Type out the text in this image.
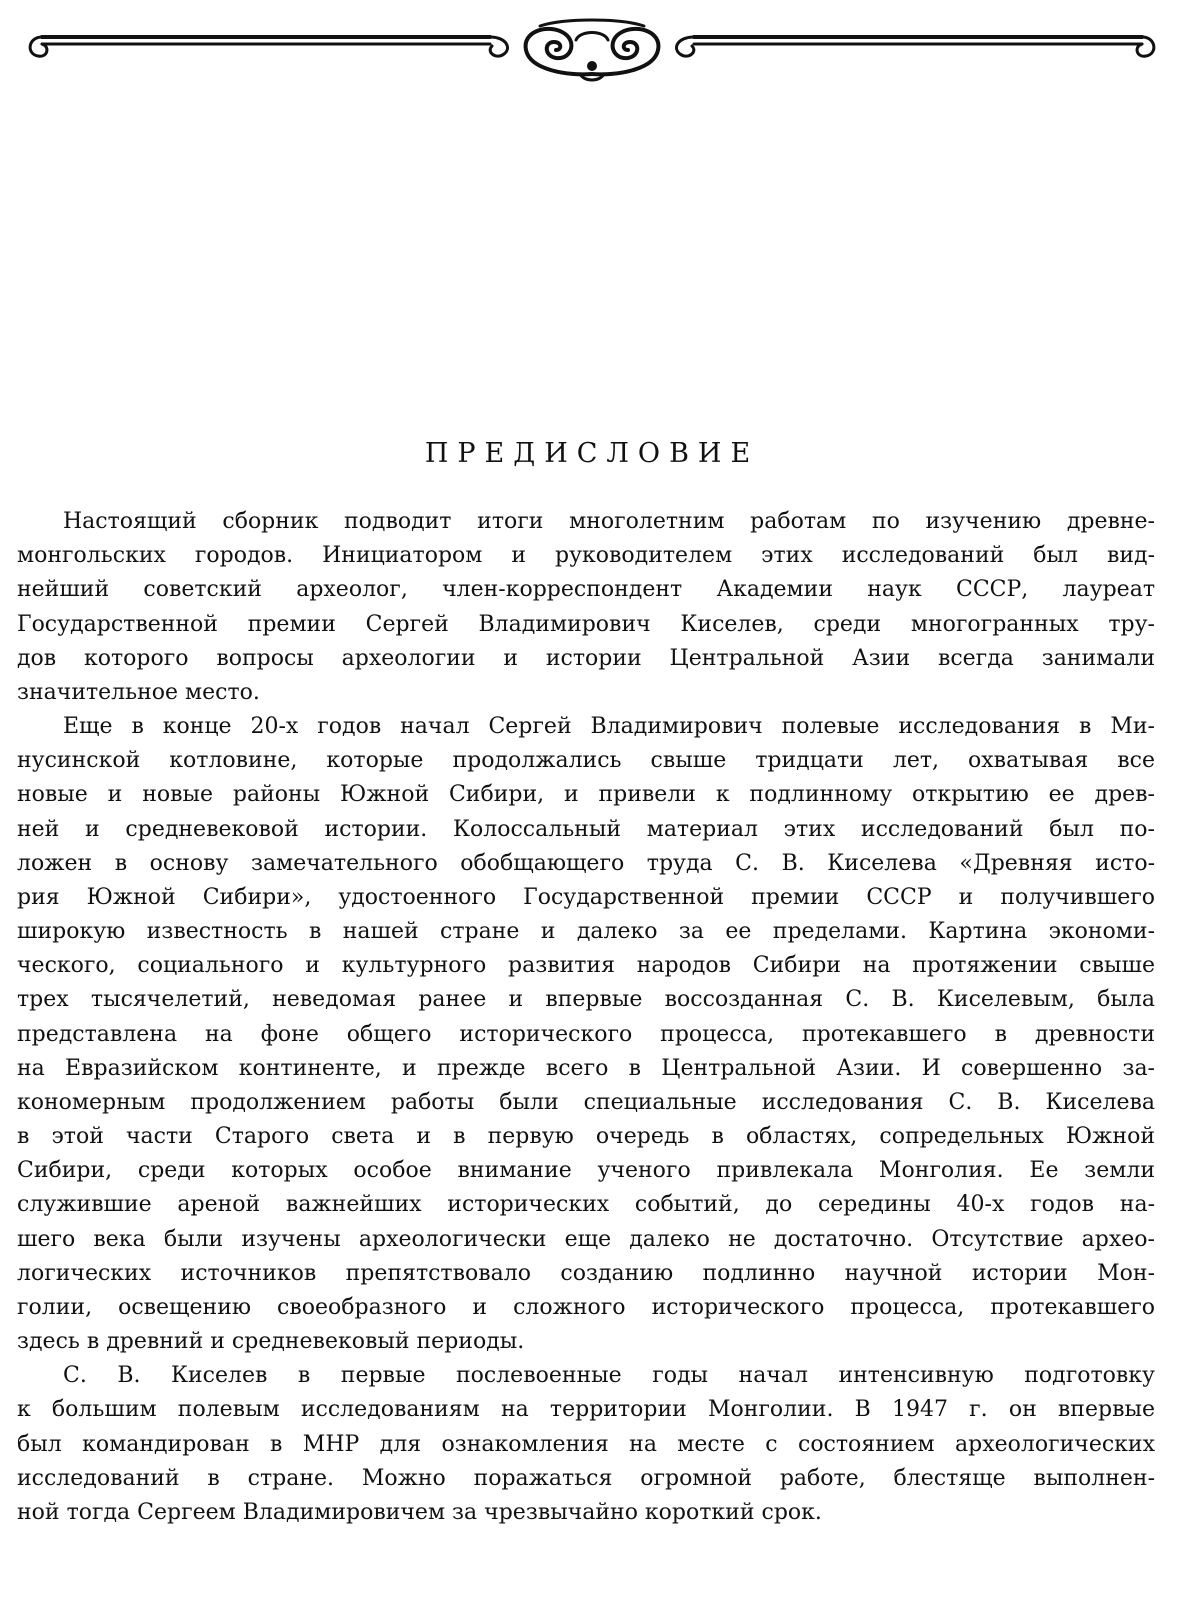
ПРЕДИСЛОВИЕ
Настоящий сборник подводит итоги многолетним работам по изучению древне-
монгольских городов. Инициатором и руководителем этих исследований был вид-
нейший советский археолог, член-корреспондент Академии наук СССР, лауреат
Государственной премии Сергей Владимирович Киселев, среди многогранных тру-
дов которого вопросы археологии и истории Центральной Азии всегда занимали
значительное место.
Еще в конце 20-х годов начал Сергей Владимирович полевые исследования в Ми-
нусинской котловине, которые продолжались свыше тридцати лет, охватывая все
новые и новые районы Южной Сибири, и привели к подлинному открытию ее древ-
ней и средневековой истории. Колоссальный материал этих исследований был по-
ложен в основу замечательного обобщающего труда С. В. Киселева «Древняя исто-
рия Южной Сибири», удостоенного Государственной премии СССР и получившего
широкую известность в нашей стране и далеко за ее пределами. Картина экономи-
ческого, социального и культурного развития народов Сибири на протяжении свыше
трех тысячелетий, неведомая ранее и впервые воссозданная С. В. Киселевым, была
представлена на фоне общего исторического процесса, протекавшего в древности
на Евразийском континенте, и прежде всего в Центральной Азии. И совершенно за-
кономерным продолжением работы были специальные исследования С. В. Киселева
в этой части Старого света и в первую очередь в областях, сопредельных Южной
Сибири, среди которых особое внимание ученого привлекала Монголия. Ее земли
служившие ареной важнейших исторических событий, до середины 40-х годов на-
шего века были изучены археологически еще далеко не достаточно. Отсутствие архео-
логических источников препятствовало созданию подлинно научной истории Мон-
голии, освещению своеобразного и сложного исторического процесса, протекавшего
здесь в древний и средневековый периоды.
С. В. Киселев в первые послевоенные годы начал интенсивную подготовку
к большим полевым исследованиям на территории Монголии. В 1947 г. он впервые
был командирован в МНР для ознакомления на месте с состоянием археологических
исследований в стране. Можно поражаться огромной работе, блестяще выполнен-
ной тогда Сергеем Владимировичем за чрезвычайно короткий срок.
